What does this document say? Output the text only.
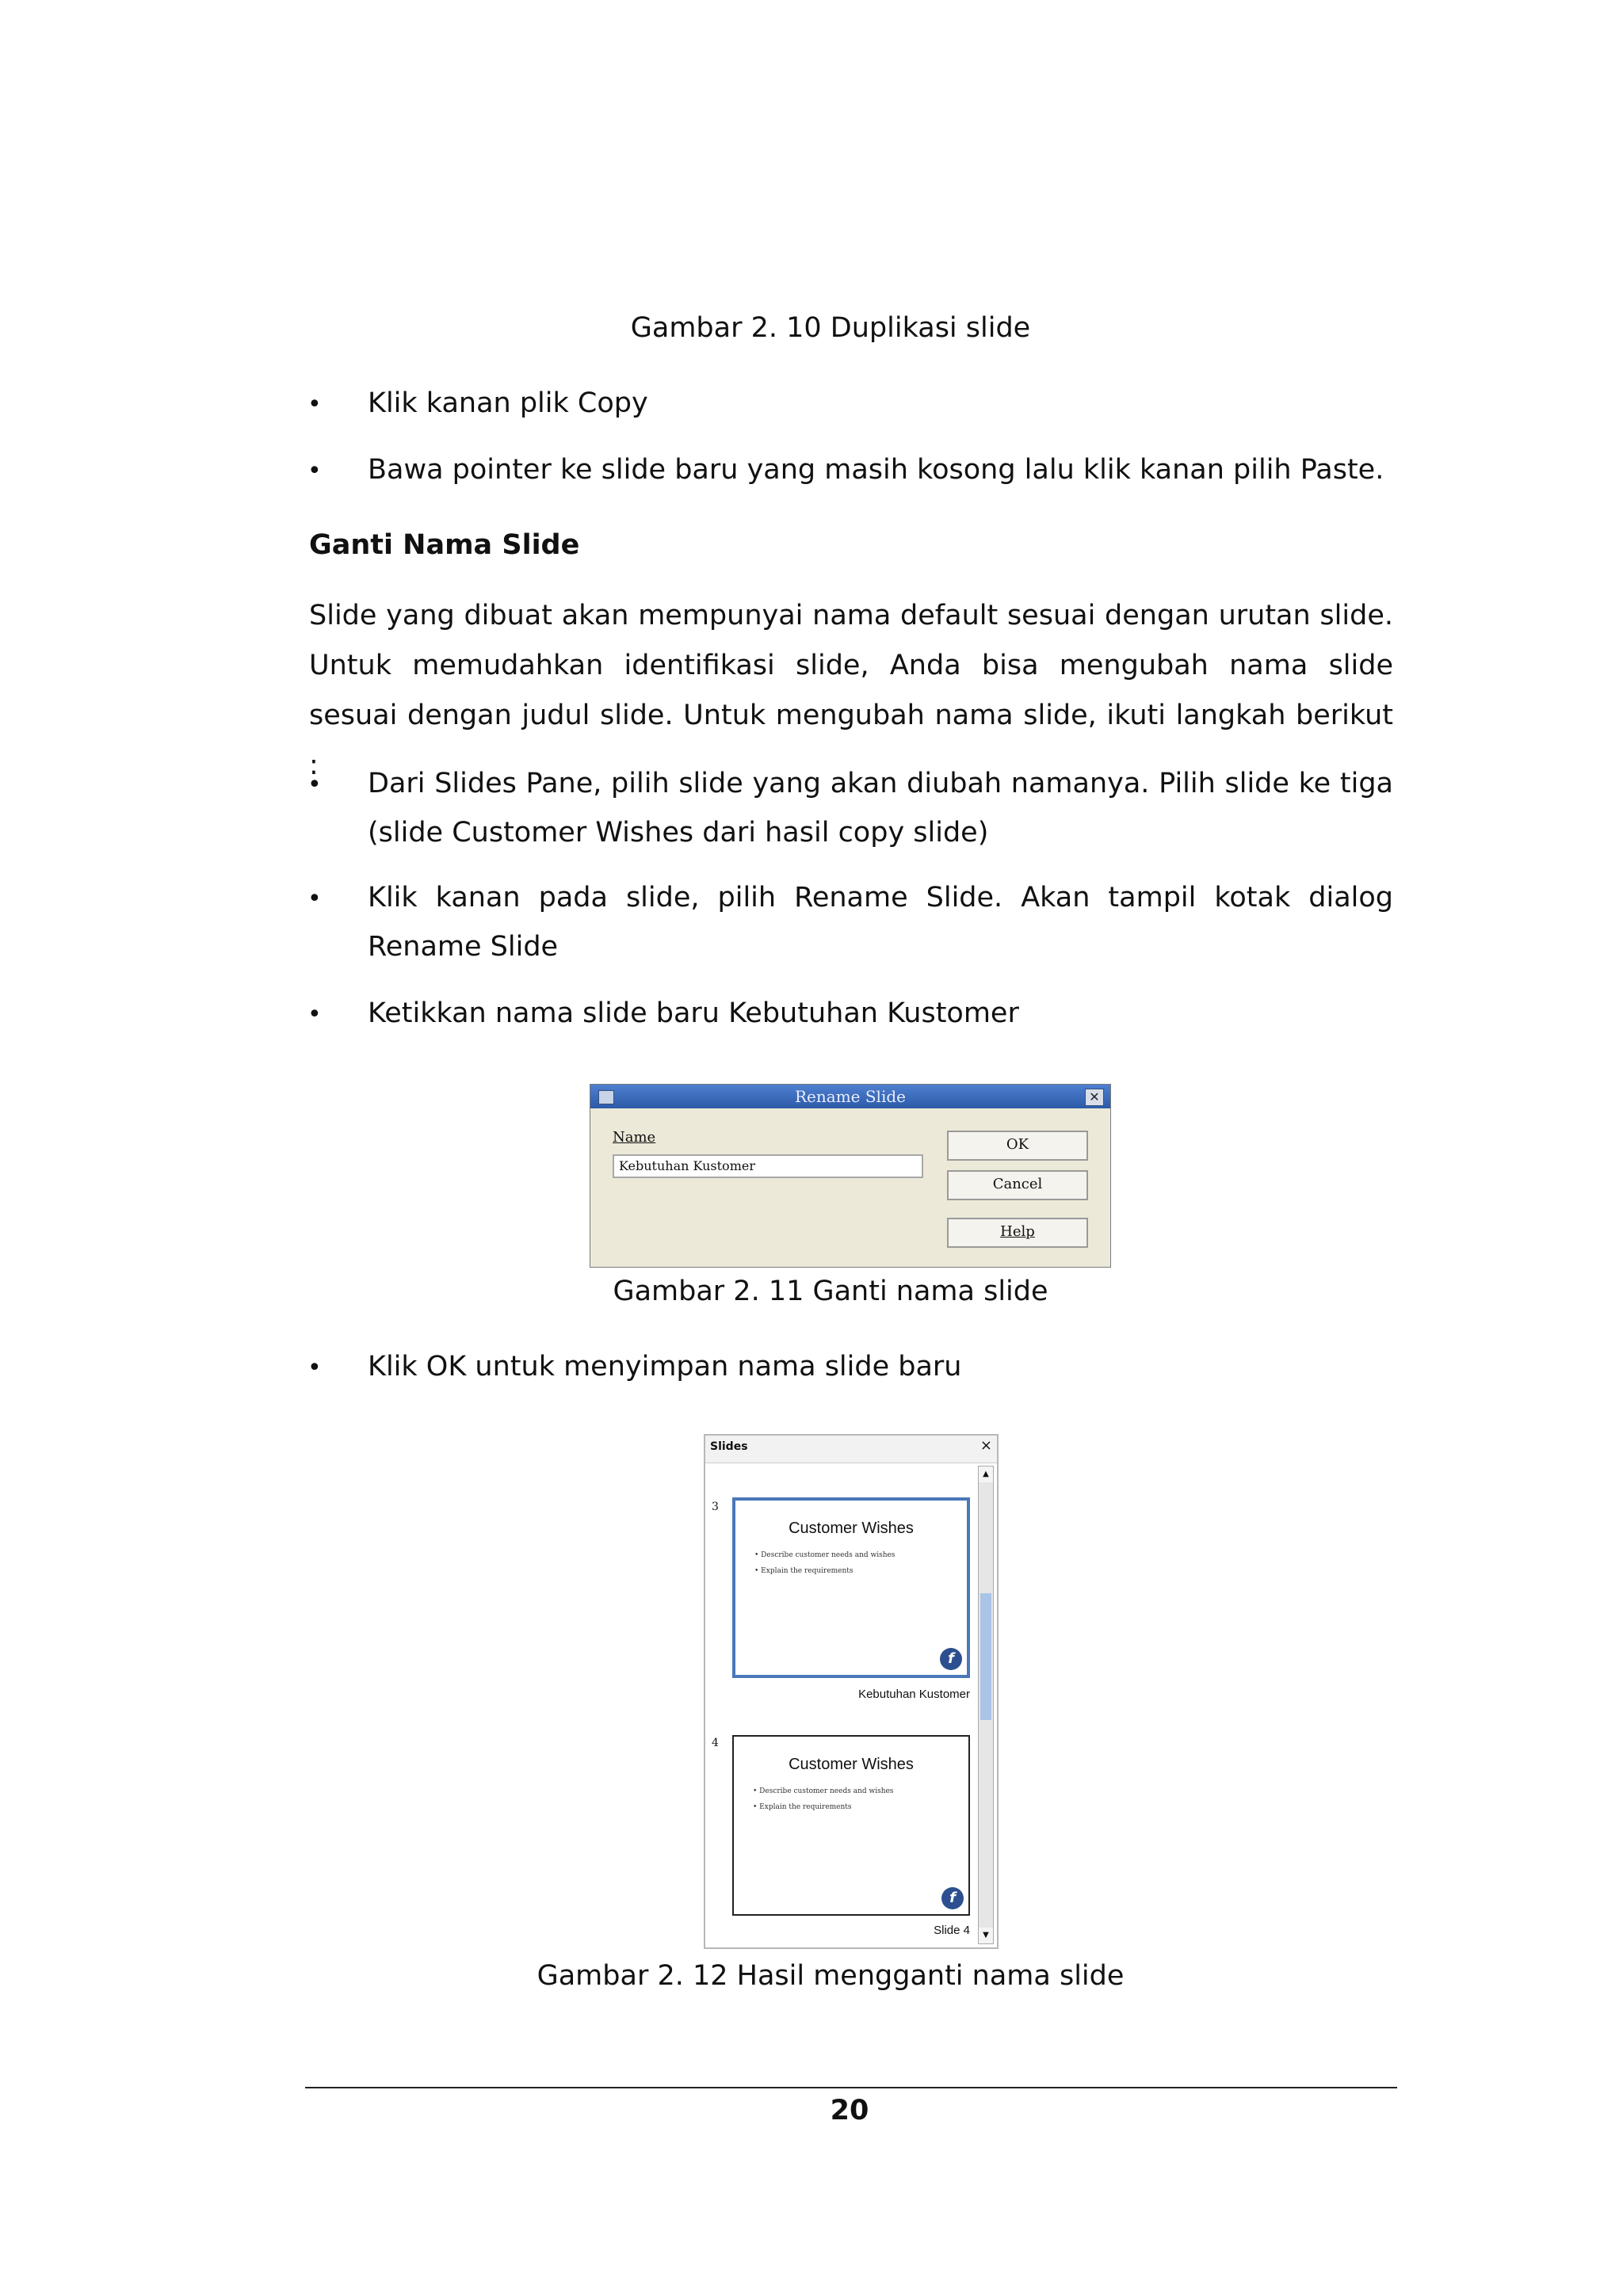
Gambar 2. 10 Duplikasi slide
•
Klik kanan plik Copy
•
Bawa pointer ke slide baru yang masih kosong lalu klik kanan pilih Paste.
Ganti Nama Slide
Slide yang dibuat akan mempunyai nama default sesuai dengan urutan slide. Untuk memudahkan identifikasi slide, Anda bisa mengubah nama slide sesuai dengan judul slide. Untuk mengubah nama slide, ikuti langkah berikut :
•
Dari Slides Pane, pilih slide yang akan diubah namanya. Pilih slide ke tiga (slide Customer Wishes dari hasil copy slide)
•
Klik kanan pada slide, pilih Rename Slide. Akan tampil kotak dialog Rename Slide
•
Ketikkan nama slide baru Kebutuhan Kustomer
Rename Slide	✕
Name
Kebutuhan Kustomer
OK
Cancel
Help
Gambar 2. 11 Ganti nama slide
•
Klik OK untuk menyimpan nama slide baru
Slides	×
▲
▼
3
Customer Wishes
• Describe customer needs and wishes
• Explain the requirements
f
Kebutuhan Kustomer
4
Customer Wishes
• Describe customer needs and wishes
• Explain the requirements
f
Slide 4
Gambar 2. 12 Hasil mengganti nama slide
20
